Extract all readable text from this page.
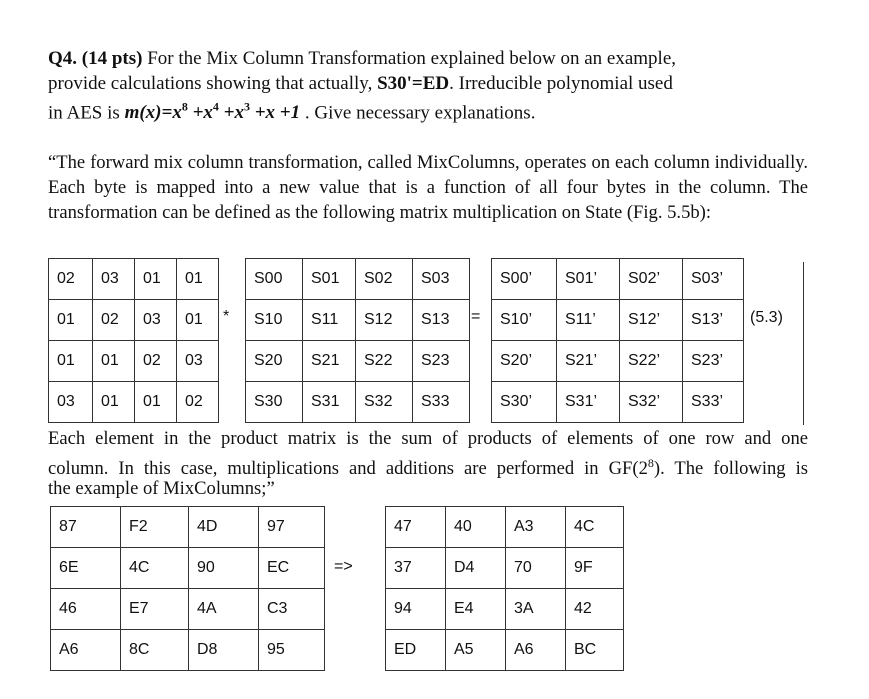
Q4. (14 pts) For the Mix Column Transformation explained below on an example,
provide calculations showing that actually, S30'=ED. Irreducible polynomial used
in AES is $m(x)=x^8 +x^4 +x^3 +x +1$ . Give necessary explanations.
“The forward mix column transformation, called MixColumns, operates on each column individually. Each byte is mapped into a new value that is a function of all four bytes in the column. The transformation can be defined as the following matrix multiplication on State (Fig. 5.5b):
02	03	01	01
01	02	03	01
01	01	02	03
03	01	01	02
*
S00	S01	S02	S03
S10	S11	S12	S13
S20	S21	S22	S23
S30	S31	S32	S33
=
S00’	S01’	S02’	S03’
S10’	S11’	S12’	S13’
S20’	S21’	S22’	S23’
S30’	S31’	S32’	S33’
(5.3)
Each element in the product matrix is the sum of products of elements of one row and one
column. In this case, multiplications and additions are performed in $GF(2^8)$. The following is
the example of MixColumns;”
87	F2	4D	97
6E	4C	90	EC
46	E7	4A	C3
A6	8C	D8	95
=>
47	40	A3	4C
37	D4	70	9F
94	E4	3A	42
ED	A5	A6	BC
